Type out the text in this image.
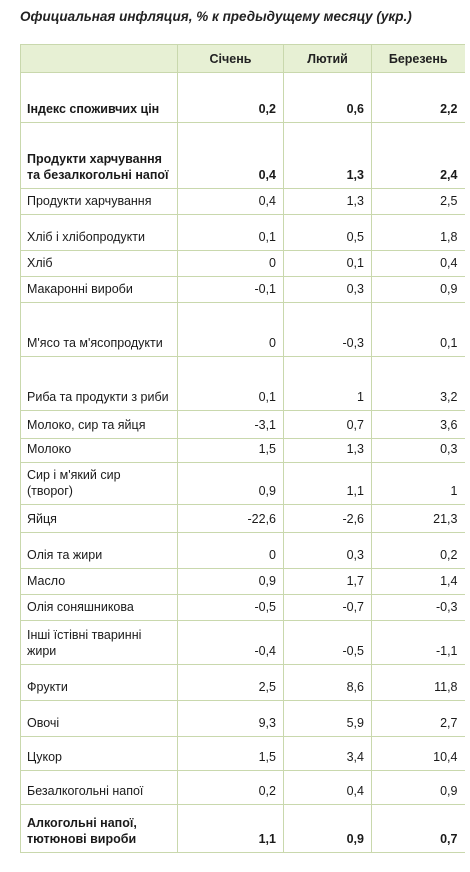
Официальная инфляция, % к предыдущему месяцу (укр.)
	Січень	Лютий	Березень
Індекс споживчих цін	0,2	0,6	2,2
Продукти харчування та безалкогольні напої	0,4	1,3	2,4
Продукти харчування	0,4	1,3	2,5
Хліб і хлібопродукти	0,1	0,5	1,8
Хліб	0	0,1	0,4
Макаронні вироби	-0,1	0,3	0,9
М'ясо та м'ясопродукти	0	-0,3	0,1
Риба та продукти з риби	0,1	1	3,2
Молоко, сир та яйця	-3,1	0,7	3,6
Молоко	1,5	1,3	0,3
Сир і м'який сир (творог)	0,9	1,1	1
Яйця	-22,6	-2,6	21,3
Олія та жири	0	0,3	0,2
Масло	0,9	1,7	1,4
Олія соняшникова	-0,5	-0,7	-0,3
Інші їстівні тваринні жири	-0,4	-0,5	-1,1
Фрукти	2,5	8,6	11,8
Овочі	9,3	5,9	2,7
Цукор	1,5	3,4	10,4
Безалкогольні напої	0,2	0,4	0,9
Алкогольні напої, тютюнові вироби	1,1	0,9	0,7
